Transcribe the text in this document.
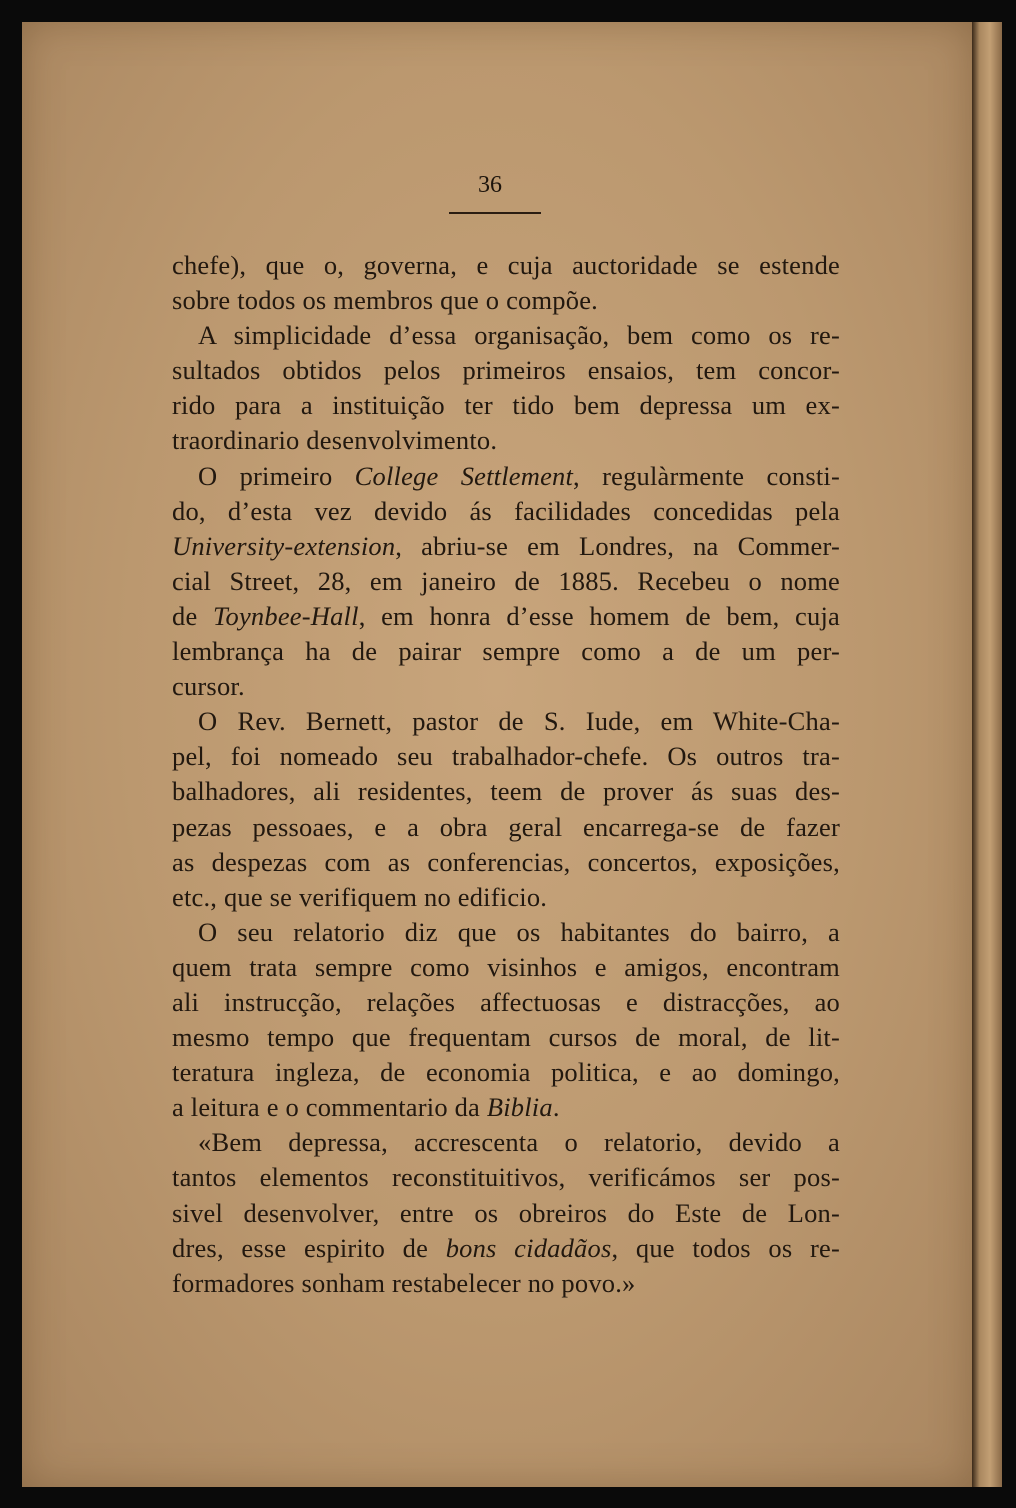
36
chefe), que o, governa, e cuja auctoridade se estende
sobre todos os membros que o compõe.
A simplicidade d’essa organisação, bem como os re-
sultados obtidos pelos primeiros ensaios, tem concor-
rido para a instituição ter tido bem depressa um ex-
traordinario desenvolvimento.
O primeiro College Settlement, regulàrmente consti-
do, d’esta vez devido ás facilidades concedidas pela
University-extension, abriu-se em Londres, na Commer-
cial Street, 28, em janeiro de 1885. Recebeu o nome
de Toynbee-Hall, em honra d’esse homem de bem, cuja
lembrança ha de pairar sempre como a de um per-
cursor.
O Rev. Bernett, pastor de S. Iude, em White-Cha-
pel, foi nomeado seu trabalhador-chefe. Os outros tra-
balhadores, ali residentes, teem de prover ás suas des-
pezas pessoaes, e a obra geral encarrega-se de fazer
as despezas com as conferencias, concertos, exposições,
etc., que se verifiquem no edificio.
O seu relatorio diz que os habitantes do bairro, a
quem trata sempre como visinhos e amigos, encontram
ali instrucção, relações affectuosas e distracções, ao
mesmo tempo que frequentam cursos de moral, de lit-
teratura ingleza, de economia politica, e ao domingo,
a leitura e o commentario da Biblia.
«Bem depressa, accrescenta o relatorio, devido a
tantos elementos reconstituitivos, verificámos ser pos-
sivel desenvolver, entre os obreiros do Este de Lon-
dres, esse espirito de bons cidadãos, que todos os re-
formadores sonham restabelecer no povo.»
